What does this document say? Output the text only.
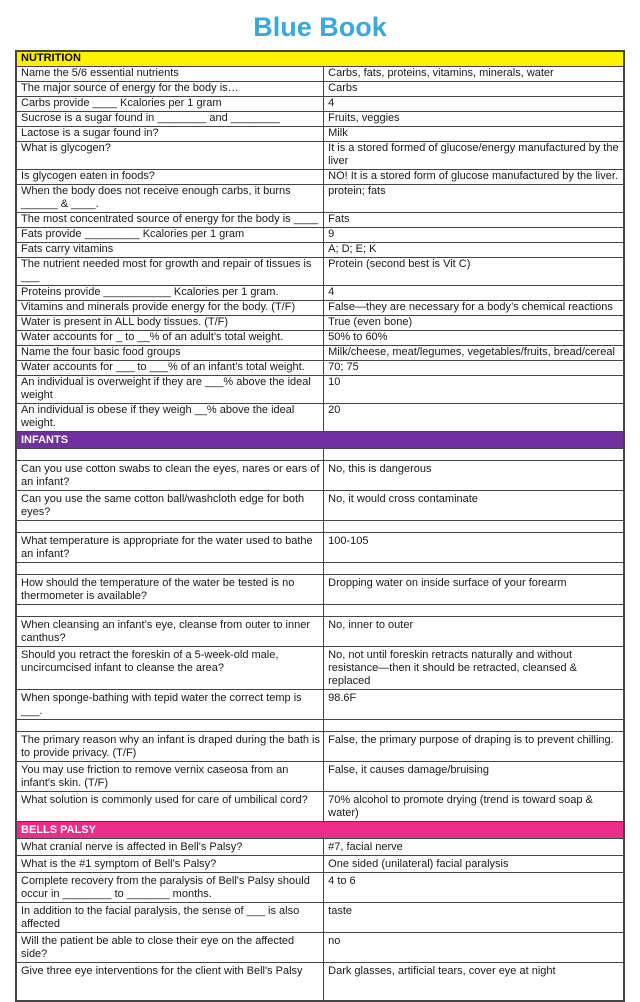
Blue Book
NUTRITION	
Name the 5/6 essential nutrients	Carbs, fats, proteins, vitamins, minerals, water
The major source of energy for the body is…	Carbs
Carbs provide ____ Kcalories per 1 gram	4
Sucrose is a sugar found in ________ and ________	Fruits, veggies
Lactose is a sugar found in?	Milk
What is glycogen?	It is a stored formed of glucose/energy manufactured by the liver
Is glycogen eaten in foods?	NO! It is a stored form of glucose manufactured by the liver.
When the body does not receive enough carbs, it burns ______ & ____.	protein; fats
The most concentrated source of energy for the body is ____	Fats
Fats provide _________ Kcalories per 1 gram	9
Fats carry vitamins	A; D; E; K
The nutrient needed most for growth and repair of tissues is ___	Protein (second best is Vit C)
Proteins provide ___________ Kcalories per 1 gram.	4
Vitamins and minerals provide energy for the body. (T/F)	False—they are necessary for a body’s chemical reactions
Water is present in ALL body tissues. (T/F)	True (even bone)
Water accounts for _ to __% of an adult’s total weight.	50% to 60%
Name the four basic food groups	Milk/cheese, meat/legumes, vegetables/fruits, bread/cereal
Water accounts for ___ to ___% of an infant’s total weight.	70; 75
An individual is overweight if they are ___% above the ideal weight	10
An individual is obese if they weigh __% above the ideal weight.	20
INFANTS	

Can you use cotton swabs to clean the eyes, nares or ears of an infant?	No, this is dangerous
Can you use the same cotton ball/washcloth edge for both eyes?	No, it would cross contaminate

What temperature is appropriate for the water used to bathe an infant?	100-105

How should the temperature of the water be tested is no thermometer is available?	Dropping water on inside surface of your forearm

When cleansing an infant’s eye, cleanse from outer to inner canthus?	No, inner to outer
Should you retract the foreskin of a 5-week-old male, uncircumcised infant to cleanse the area?	No, not until foreskin retracts naturally and without resistance—then it should be retracted, cleansed & replaced
When sponge-bathing with tepid water the correct temp is ___.	98.6F

The primary reason why an infant is draped during the bath is to provide privacy. (T/F)	False, the primary purpose of draping is to prevent chilling.
You may use friction to remove vernix caseosa from an infant's skin. (T/F)	False, it causes damage/bruising
What solution is commonly used for care of umbilical cord?	70% alcohol to promote drying (trend is toward soap & water)
BELLS PALSY	
What cranial nerve is affected in Bell's Palsy?	#7, facial nerve
What is the #1 symptom of Bell's Palsy?	One sided (unilateral) facial paralysis
Complete recovery from the paralysis of Bell's Palsy should occur in ________ to _______ months.	4 to 6
In addition to the facial paralysis, the sense of ___ is also affected	taste
Will the patient be able to close their eye on the affected side?	no
Give three eye interventions for the client with Bell's Palsy	Dark glasses, artificial tears, cover eye at night
